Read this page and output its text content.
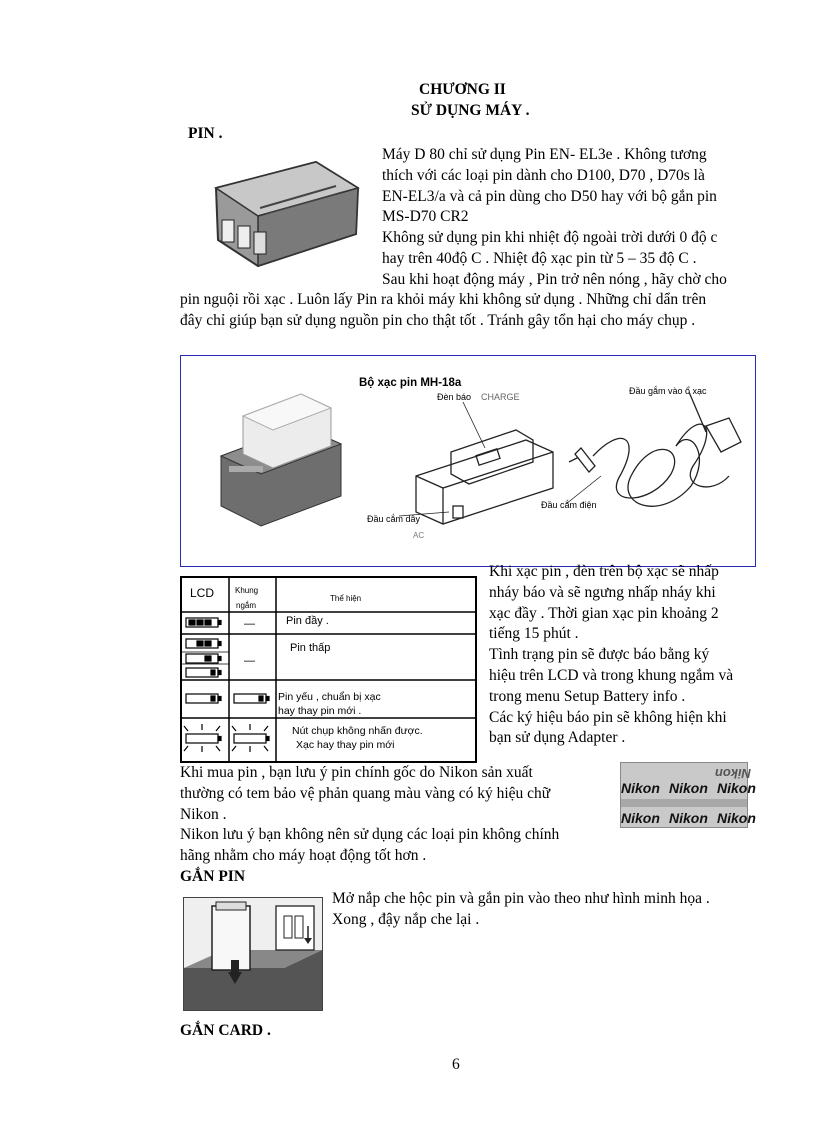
CHƯƠNG II
SỬ DỤNG MÁY .
PIN .
Máy D 80 chỉ sử dụng Pin EN- EL3e . Không tương
thích với các loại pin dành cho D100, D70 , D70s là
EN-EL3/a và cả pin dùng cho D50 hay với bộ gắn pin
MS-D70 CR2
Không sử dụng pin khi nhiệt độ ngoài trời dưới 0 độ c
hay trên 40độ C . Nhiệt độ xạc pin từ 5 – 35 độ C .
Sau khi hoạt động máy , Pin trở nên nóng , hãy chờ cho
pin nguội rồi xạc . Luôn lấy Pin ra khỏi máy khi không sử dụng . Những chỉ dẩn trên
đây chỉ giúp bạn sử dụng nguồn pin cho thật tốt . Tránh gây tổn hại cho máy chụp .
Bộ xạc pin MH-18a
Đèn báo CHARGE
Đầu gắm vào ổ xạc
Đầu cắm điện
Đầu cắm dây
AC
LCD	Khung
ngắm
Thể hiện
—
—
Pin đầy .
Pin thấp
Pin yếu , chuẩn bị xạc
hay thay pin mới .
Nút chụp không nhấn được.
Xạc hay thay pin mới
Khi xạc pin , đèn trên bộ xạc sẽ nhấp
nháy báo và sẽ ngưng nhấp nháy khi
xạc đầy . Thời gian xạc pin khoảng 2
tiếng 15 phút .
Tình trạng pin sẽ được báo bằng ký
hiệu trên LCD và trong khung ngắm và
trong menu Setup Battery info .
Các ký hiệu báo pin sẽ không hiện khi
bạn sử dụng Adapter .
Khi mua pin , bạn lưu ý pin chính gốc do Nikon sản xuất
thường có tem bảo vệ phản quang màu vàng có ký hiệu chữ
Nikon .
Nikon lưu ý bạn không nên sử dụng các loại pin không chính
hãng nhằm cho máy hoạt động tốt hơn .
Nikon
Nikon Nikon Nikon
Nikon Nikon Nikon
GẮN PIN
Mở nắp che hộc pin và gắn pin vào theo như hình minh họa .
Xong , đậy nắp che lại .
GẮN CARD .
6
